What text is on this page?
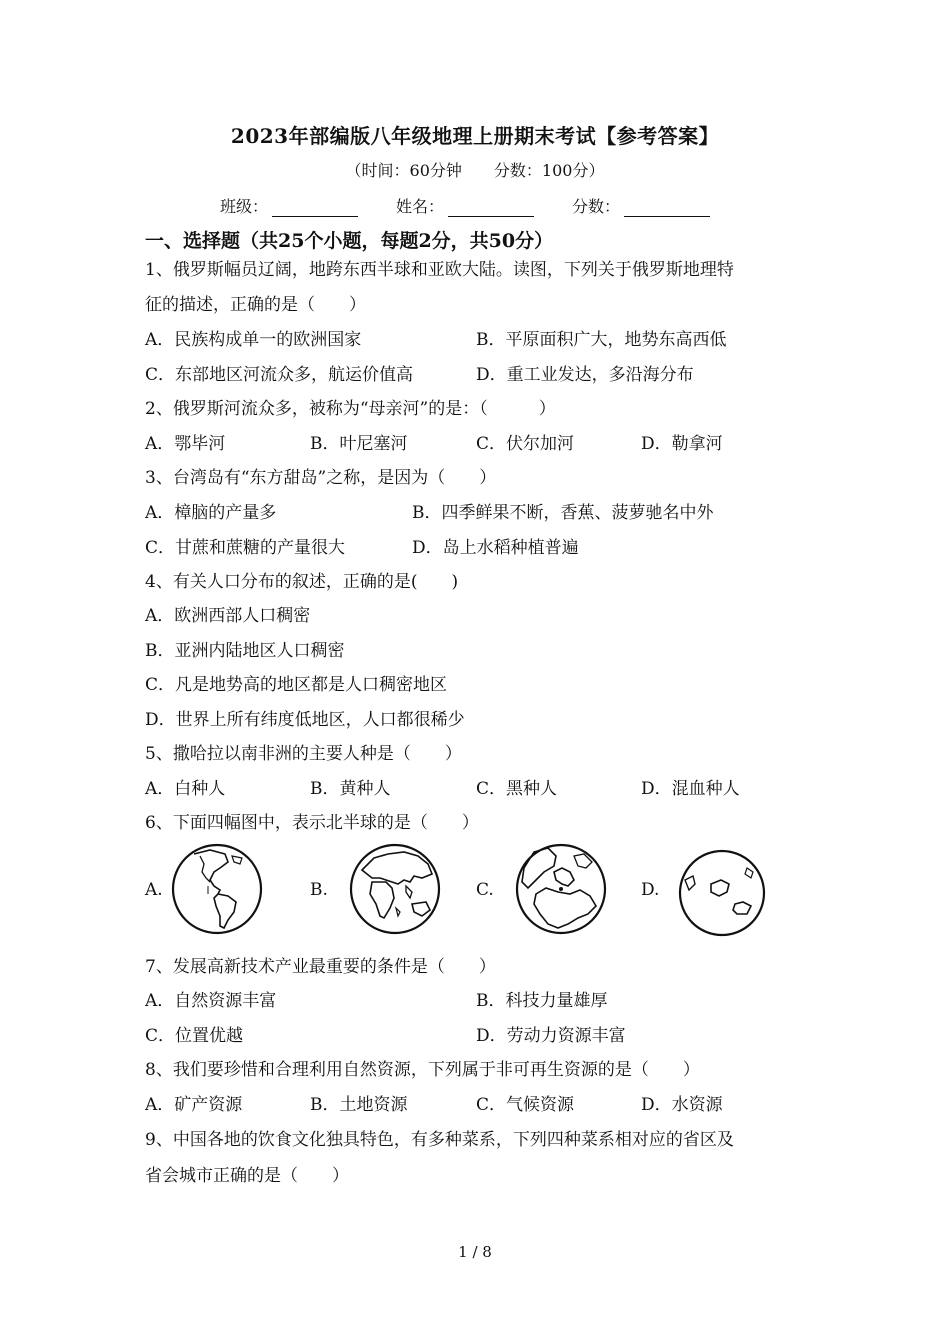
2023年部编版八年级地理上册期末考试【参考答案】
（时间：60分钟　　分数：100分）
班级：	姓名：	分数：
一、选择题（共25个小题，每题2分，共50分）
1、俄罗斯幅员辽阔，地跨东西半球和亚欧大陆。读图，下列关于俄罗斯地理特
征的描述，正确的是（　　）
A．民族构成单一的欧洲国家	B．平原面积广大，地势东高西低
C．东部地区河流众多，航运价值高	D．重工业发达，多沿海分布
2、俄罗斯河流众多，被称为“母亲河”的是：（　　　）
A．鄂毕河	B．叶尼塞河	C．伏尔加河	D．勒拿河
3、台湾岛有“东方甜岛”之称，是因为（　　）
A．樟脑的产量多	B．四季鲜果不断，香蕉、菠萝驰名中外
C．甘蔗和蔗糖的产量很大	D．岛上水稻种植普遍
4、有关人口分布的叙述，正确的是(　　)
A．欧洲西部人口稠密
B．亚洲内陆地区人口稠密
C．凡是地势高的地区都是人口稠密地区
D．世界上所有纬度低地区，人口都很稀少
5、撒哈拉以南非洲的主要人种是（　　）
A．白种人	B．黄种人	C．黑种人	D．混血种人
6、下面四幅图中，表示北半球的是（　　）
A.	B.	C.	D.
7、发展高新技术产业最重要的条件是（　　）
A．自然资源丰富	B．科技力量雄厚
C．位置优越	D．劳动力资源丰富
8、我们要珍惜和合理利用自然资源，下列属于非可再生资源的是（　　）
A．矿产资源	B．土地资源	C．气候资源	D．水资源
9、中国各地的饮食文化独具特色，有多种菜系，下列四种菜系相对应的省区及
省会城市正确的是（　　）
1 / 8
